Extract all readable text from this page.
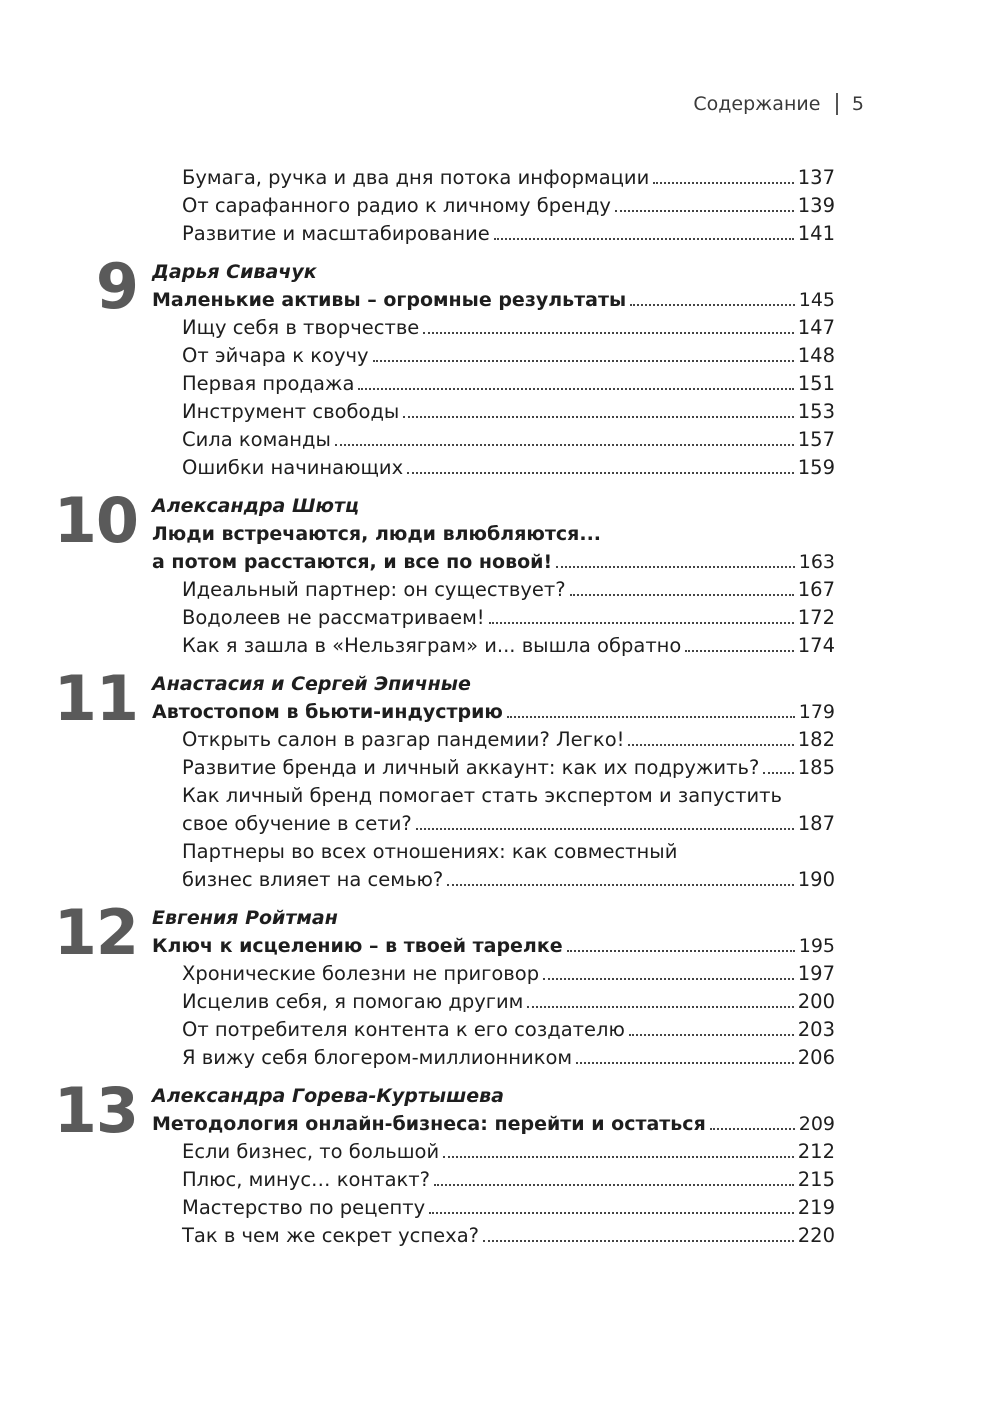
Содержание 5
Бумага, ручка и два дня потока информации	137
От сарафанного радио к личному бренду	139
Развитие и масштабирование	141
9 Дарья Сивачук
Маленькие активы – огромные результаты	145
Ищу себя в творчестве	147
От эйчара к коучу	148
Первая продажа	151
Инструмент свободы	153
Сила команды	157
Ошибки начинающих	159
10 Александра Шютц
Люди встречаются, люди влюбляются...
а потом расстаются, и все по новой!	163
Идеальный партнер: он существует?	167
Водолеев не рассматриваем!	172
Как я зашла в «Нельзяграм» и... вышла обратно	174
11 Анастасия и Сергей Эпичные
Автостопом в бьюти-индустрию	179
Открыть салон в разгар пандемии? Легко!	182
Развитие бренда и личный аккаунт: как их подружить? 185
Как личный бренд помогает стать экспертом и запустить
свое обучение в сети?	187
Партнеры во всех отношениях: как совместный
бизнес влияет на семью?	190
12 Евгения Ройтман
Ключ к исцелению – в твоей тарелке	195
Хронические болезни не приговор	197
Исцелив себя, я помогаю другим	200
От потребителя контента к его создателю	203
Я вижу себя блогером-миллионником	206
13 Александра Горева-Куртышева
Методология онлайн-бизнеса: перейти и остаться	209
Если бизнес, то большой	212
Плюс, минус… контакт?	215
Мастерство по рецепту	219
Так в чем же секрет успеха?	220
